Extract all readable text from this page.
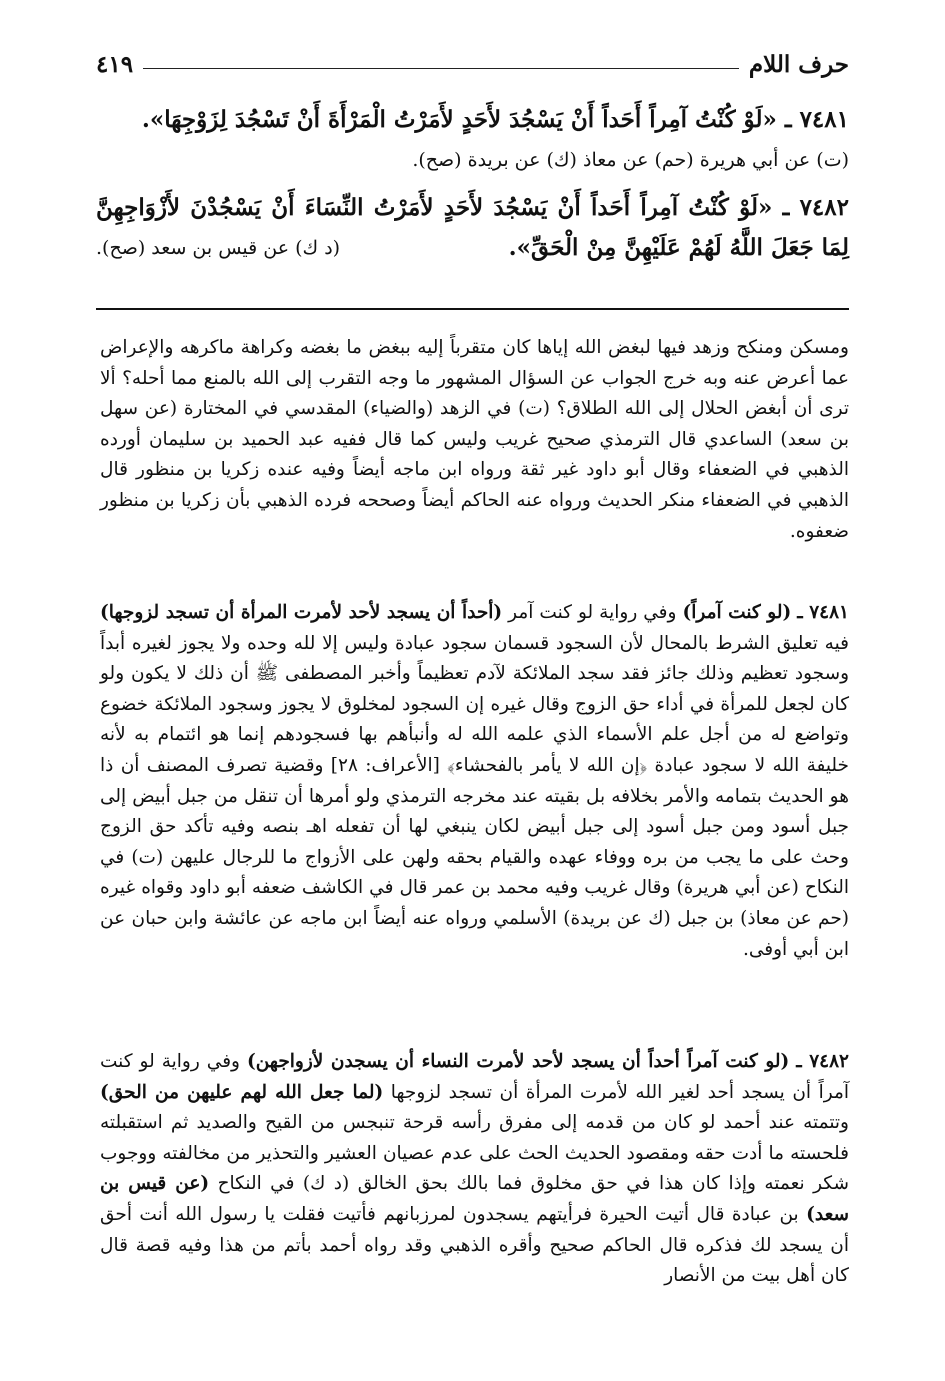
حرف اللام
٤١٩

٧٤٨١ ـ «لَوْ كُنْتُ آمِراً أَحَداً أَنْ يَسْجُدَ لأَحَدٍ لأَمَرْتُ الْمَرْأَةَ أَنْ تَسْجُدَ لِزَوْجِهَا».

(ت) عن أبي هريرة (حم) عن معاذ (ك) عن بريدة (صح).

٧٤٨٢ ـ «لَوْ كُنْتُ آمِراً أَحَداً أَنْ يَسْجُدَ لأَحَدٍ لأَمَرْتُ النِّسَاءَ أَنْ يَسْجُدْنَ لأَزْوَاجِهِنَّ لِمَا جَعَلَ اللَّهُ لَهُمْ عَلَيْهِنَّ مِنْ الْحَقِّ».

(د ك) عن قيس بن سعد (صح).

ومسكن ومنكح وزهد فيها لبغض الله إياها كان متقرباً إليه ببغض ما بغضه وكراهة ماكرهه والإعراض عما أعرض عنه وبه خرج الجواب عن السؤال المشهور ما وجه التقرب إلى الله بالمنع مما أحله؟ ألا ترى أن أبغض الحلال إلى الله الطلاق؟ (ت) في الزهد (والضياء) المقدسي في المختارة (عن سهل بن سعد) الساعدي قال الترمذي صحيح غريب وليس كما قال ففيه عبد الحميد بن سليمان أورده الذهبي في الضعفاء وقال أبو داود غير ثقة ورواه ابن ماجه أيضاً وفيه عنده زكريا بن منظور قال الذهبي في الضعفاء منكر الحديث ورواه عنه الحاكم أيضاً وصححه فرده الذهبي بأن زكريا بن منظور ضعفوه.

٧٤٨١ ـ (لو كنت آمراً) وفي رواية لو كنت آمر (أحداً أن يسجد لأحد لأمرت المرأة أن تسجد لزوجها) فيه تعليق الشرط بالمحال لأن السجود قسمان سجود عبادة وليس إلا لله وحده ولا يجوز لغيره أبداً وسجود تعظيم وذلك جائز فقد سجد الملائكة لآدم تعظيماً وأخبر المصطفى ﷺ أن ذلك لا يكون ولو كان لجعل للمرأة في أداء حق الزوج وقال غيره إن السجود لمخلوق لا يجوز وسجود الملائكة خضوع وتواضع له من أجل علم الأسماء الذي علمه الله له وأنبأهم بها فسجودهم إنما هو ائتمام به لأنه خليفة الله لا سجود عبادة ﴿إن الله لا يأمر بالفحشاء﴾ [الأعراف: ٢٨] وقضية تصرف المصنف أن ذا هو الحديث بتمامه والأمر بخلافه بل بقيته عند مخرجه الترمذي ولو أمرها أن تنقل من جبل أبيض إلى جبل أسود ومن جبل أسود إلى جبل أبيض لكان ينبغي لها أن تفعله اهـ بنصه وفيه تأكد حق الزوج وحث على ما يجب من بره ووفاء عهده والقيام بحقه ولهن على الأزواج ما للرجال عليهن (ت) في النكاح (عن أبي هريرة) وقال غريب وفيه محمد بن عمر قال في الكاشف ضعفه أبو داود وقواه غيره (حم عن معاذ) بن جبل (ك عن بريدة) الأسلمي ورواه عنه أيضاً ابن ماجه عن عائشة وابن حبان عن ابن أبي أوفى.

٧٤٨٢ ـ (لو كنت آمراً أحداً أن يسجد لأحد لأمرت النساء أن يسجدن لأزواجهن) وفي رواية لو كنت آمراً أن يسجد أحد لغير الله لأمرت المرأة أن تسجد لزوجها (لما جعل الله لهم عليهن من الحق) وتتمته عند أحمد لو كان من قدمه إلى مفرق رأسه قرحة تنبجس من القيح والصديد ثم استقبلته فلحسته ما أدت حقه ومقصود الحديث الحث على عدم عصيان العشير والتحذير من مخالفته ووجوب شكر نعمته وإذا كان هذا في حق مخلوق فما بالك بحق الخالق (د ك) في النكاح (عن قيس بن سعد) بن عبادة قال أتيت الحيرة فرأيتهم يسجدون لمرزبانهم فأتيت فقلت يا رسول الله أنت أحق أن يسجد لك فذكره قال الحاكم صحيح وأقره الذهبي وقد رواه أحمد بأتم من هذا وفيه قصة قال كان أهل بيت من الأنصار
